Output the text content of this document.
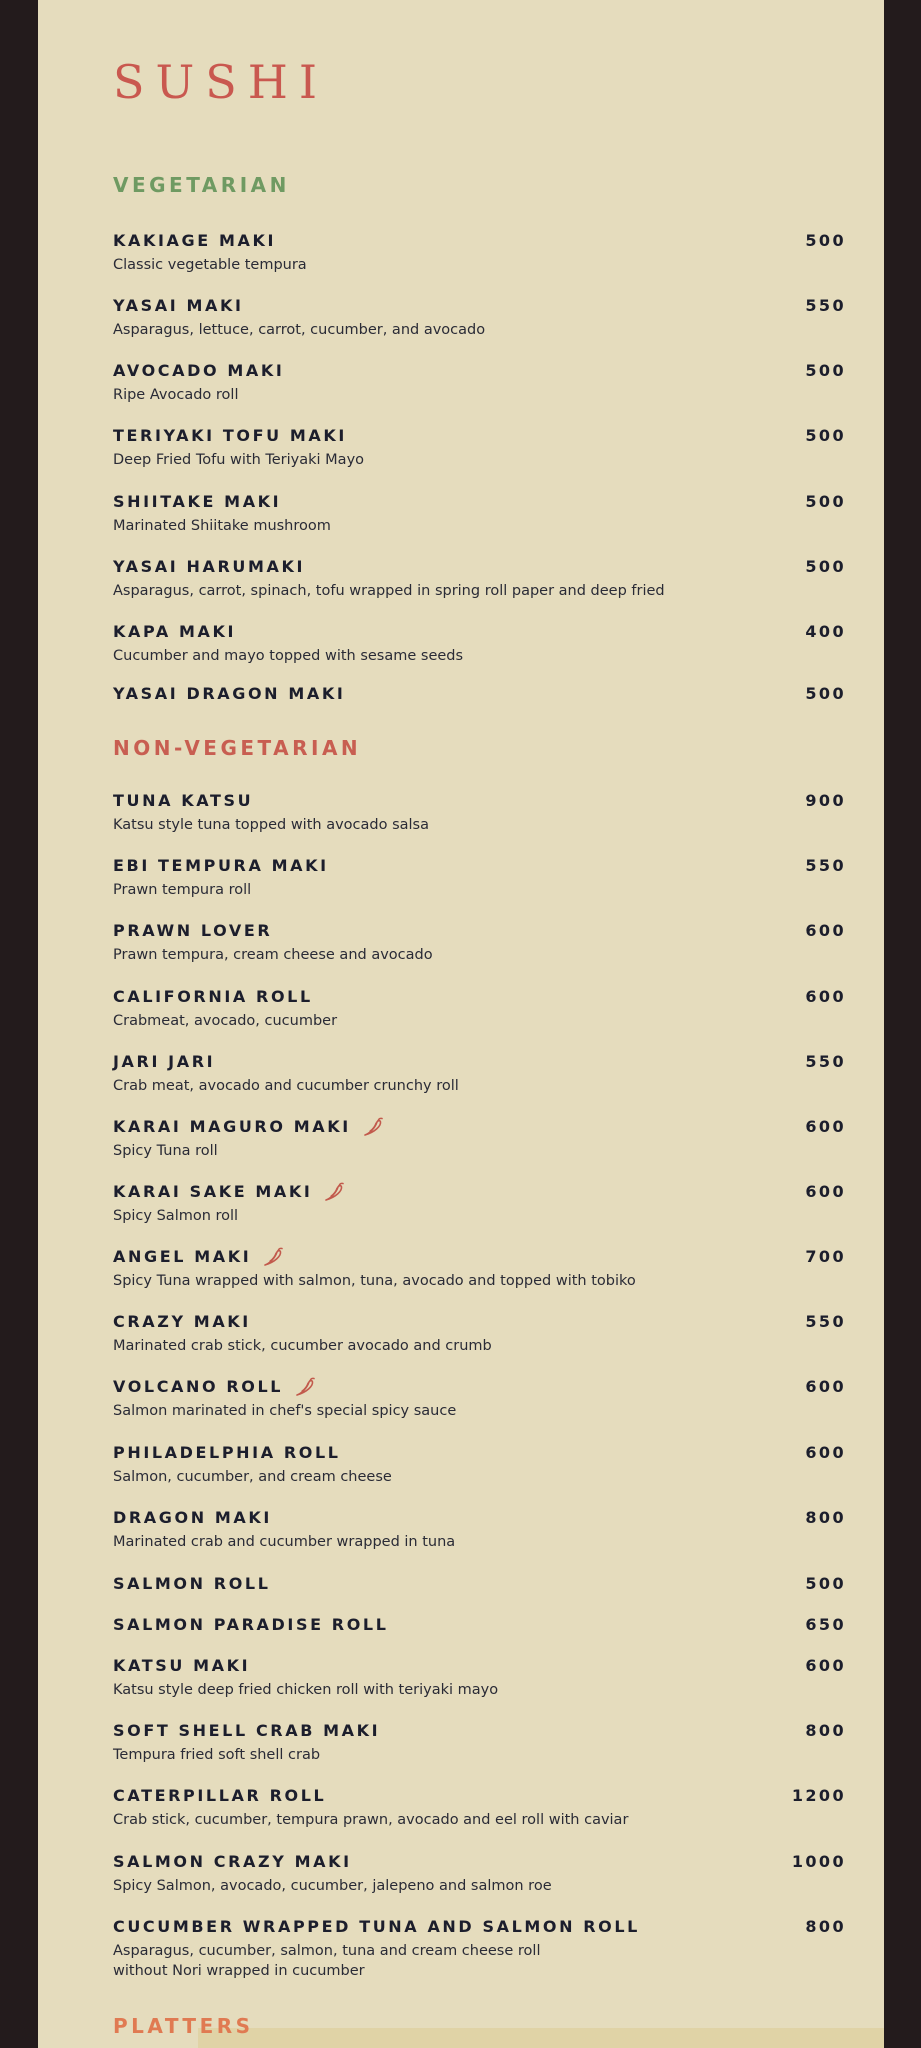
SUSHI
VEGETARIAN
KAKIAGE MAKI	500
Classic vegetable tempura
YASAI MAKI	550
Asparagus, lettuce, carrot, cucumber, and avocado
AVOCADO MAKI	500
Ripe Avocado roll
TERIYAKI TOFU MAKI	500
Deep Fried Tofu with Teriyaki Mayo
SHIITAKE MAKI	500
Marinated Shiitake mushroom
YASAI HARUMAKI	500
Asparagus, carrot, spinach, tofu wrapped in spring roll paper and deep fried
KAPA MAKI	400
Cucumber and mayo topped with sesame seeds
YASAI DRAGON MAKI	500
NON-VEGETARIAN
TUNA KATSU	900
Katsu style tuna topped with avocado salsa
EBI TEMPURA MAKI	550
Prawn tempura roll
PRAWN LOVER	600
Prawn tempura, cream cheese and avocado
CALIFORNIA ROLL	600
Crabmeat, avocado, cucumber
JARI JARI	550
Crab meat, avocado and cucumber crunchy roll
KARAI MAGURO MAKI	600
Spicy Tuna roll
KARAI SAKE MAKI	600
Spicy Salmon roll
ANGEL MAKI	700
Spicy Tuna wrapped with salmon, tuna, avocado and topped with tobiko
CRAZY MAKI	550
Marinated crab stick, cucumber avocado and crumb
VOLCANO ROLL	600
Salmon marinated in chef's special spicy sauce
PHILADELPHIA ROLL	600
Salmon, cucumber, and cream cheese
DRAGON MAKI	800
Marinated crab and cucumber wrapped in tuna
SALMON ROLL	500
SALMON PARADISE ROLL	650
KATSU MAKI	600
Katsu style deep fried chicken roll with teriyaki mayo
SOFT SHELL CRAB MAKI	800
Tempura fried soft shell crab
CATERPILLAR ROLL	1200
Crab stick, cucumber, tempura prawn, avocado and eel roll with caviar
SALMON CRAZY MAKI	1000
Spicy Salmon, avocado, cucumber, jalepeno and salmon roe
CUCUMBER WRAPPED TUNA AND SALMON ROLL	800
Asparagus, cucumber, salmon, tuna and cream cheese roll
without Nori wrapped in cucumber
PLATTERS
